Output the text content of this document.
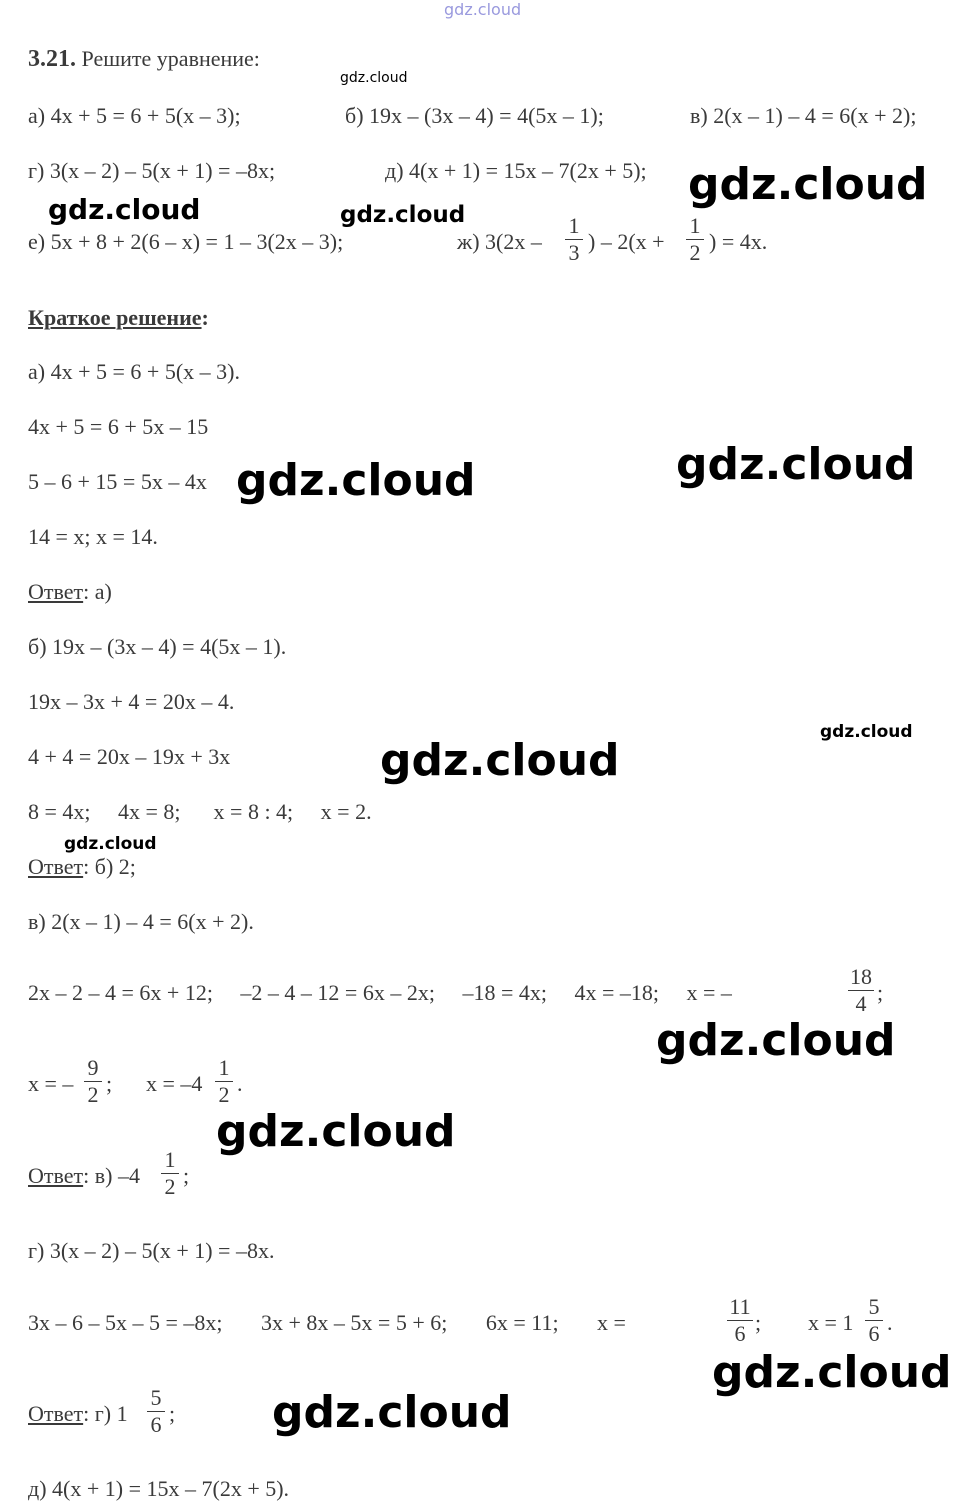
gdz.cloud
gdz.cloud
gdz.cloud
gdz.cloud	gdz.cloud
gdz.cloud
gdz.cloud
gdz.cloud
gdz.cloud
gdz.cloud
gdz.cloud
gdz.cloud
gdz.cloud
gdz.cloud
3.21. Решите уравнение:
а) 4x + 5 = 6 + 5(x – 3);	б) 19x – (3x – 4) = 4(5x – 1);	в) 2(x – 1) – 4 = 6(x + 2);
г) 3(x – 2) – 5(x + 1) = –8x;	д) 4(x + 1) = 15x – 7(2x + 5);
е) 5x + 8 + 2(6 – x) = 1 – 3(2x – 3);	ж) 3(2x –
1
3 ) – 2(x +
1
2 ) = 4x.
Краткое решение:
а) 4x + 5 = 6 + 5(x – 3).
4x + 5 = 6 + 5x – 15
5 – 6 + 15 = 5x – 4x
14 = x; x = 14.
Ответ: а)
б) 19x – (3x – 4) = 4(5x – 1).
19x – 3x + 4 = 20x – 4.
4 + 4 = 20x – 19x + 3x
8 = 4x;     4x = 8;      x = 8 : 4;     x = 2.
Ответ: б) 2;
в) 2(x – 1) – 4 = 6(x + 2).
2x – 2 – 4 = 6x + 12;     –2 – 4 – 12 = 6x – 2x;     –18 = 4x;     4x = –18;     x = –
18
4 ;
x = –
9
2 ; x = –4
1
2 .
Ответ: в) –4
1
2 ;
г) 3(x – 2) – 5(x + 1) = –8x.
3x – 6 – 5x – 5 = –8x;       3x + 8x – 5x = 5 + 6;       6x = 11;       x =
11
6 ; x = 1
5
6 .
Ответ: г) 1
5
6 ;
д) 4(x + 1) = 15x – 7(2x + 5).
